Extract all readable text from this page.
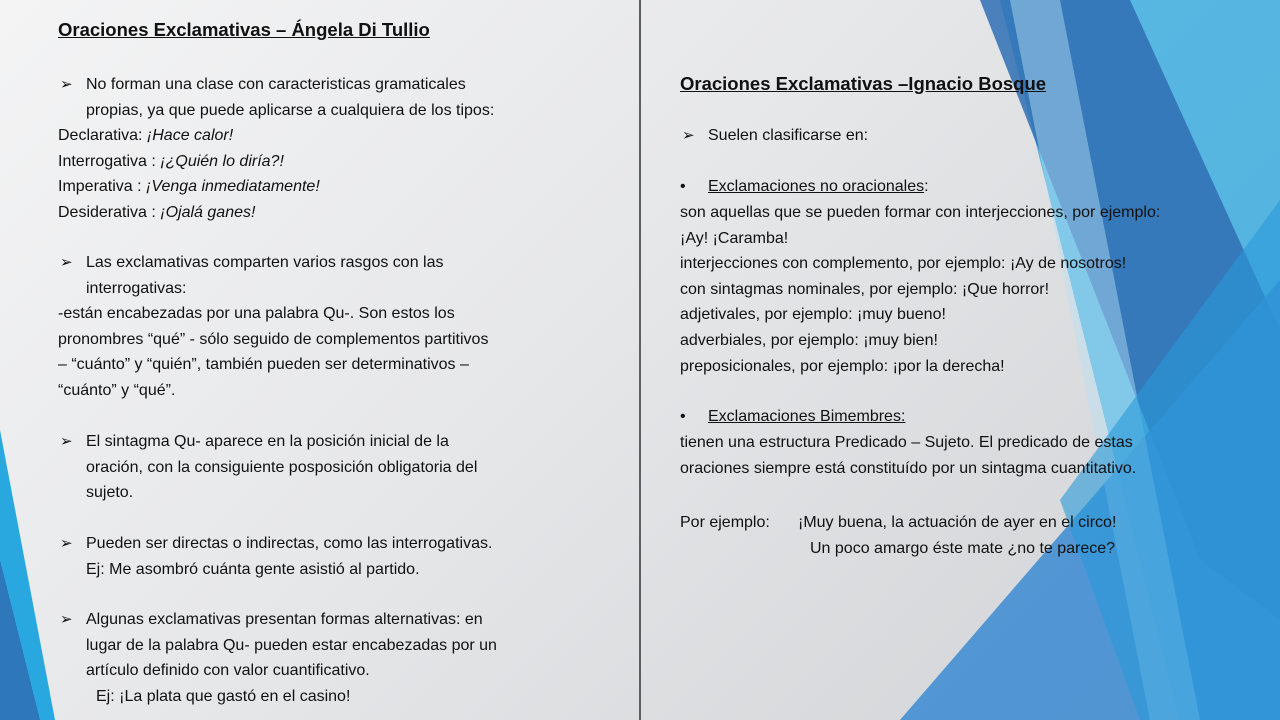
Oraciones Exclamativas – Ángela Di Tullio
➢ No forman una clase con caracteristicas gramaticales
propias, ya que puede aplicarse a cualquiera de los tipos:
Declarativa: ¡Hace calor!
Interrogativa : ¡¿Quién lo diría?!
Imperativa : ¡Venga inmediatamente!
Desiderativa : ¡Ojalá ganes!
➢ Las exclamativas comparten varios rasgos con las
interrogativas:
-están encabezadas por una palabra Qu-. Son estos los
pronombres “qué” - sólo seguido de complementos partitivos
– “cuánto” y “quién”, también pueden ser determinativos –
“cuánto” y “qué”.
➢ El sintagma Qu- aparece en la posición inicial de la
oración, con la consiguiente posposición obligatoria del
sujeto.
➢ Pueden ser directas o indirectas, como las interrogativas.
Ej: Me asombró cuánta gente asistió al partido.
➢ Algunas exclamativas presentan formas alternativas: en
lugar de la palabra Qu- pueden estar encabezadas por un
artículo definido con valor cuantificativo.
Ej: ¡La plata que gastó en el casino!
Oraciones Exclamativas –Ignacio Bosque
➢ Suelen clasificarse en:
• Exclamaciones no oracionales:
son aquellas que se pueden formar con interjecciones, por ejemplo:
¡Ay! ¡Caramba!
interjecciones con complemento, por ejemplo: ¡Ay de nosotros!
con sintagmas nominales, por ejemplo: ¡Que horror!
adjetivales, por ejemplo: ¡muy bueno!
adverbiales, por ejemplo: ¡muy bien!
preposicionales, por ejemplo: ¡por la derecha!
• Exclamaciones Bimembres:
tienen una estructura Predicado – Sujeto. El predicado de estas
oraciones siempre está constituído por un sintagma cuantitativo.
Por ejemplo: ¡Muy buena, la actuación de ayer en el circo!
Un poco amargo éste mate ¿no te parece?
